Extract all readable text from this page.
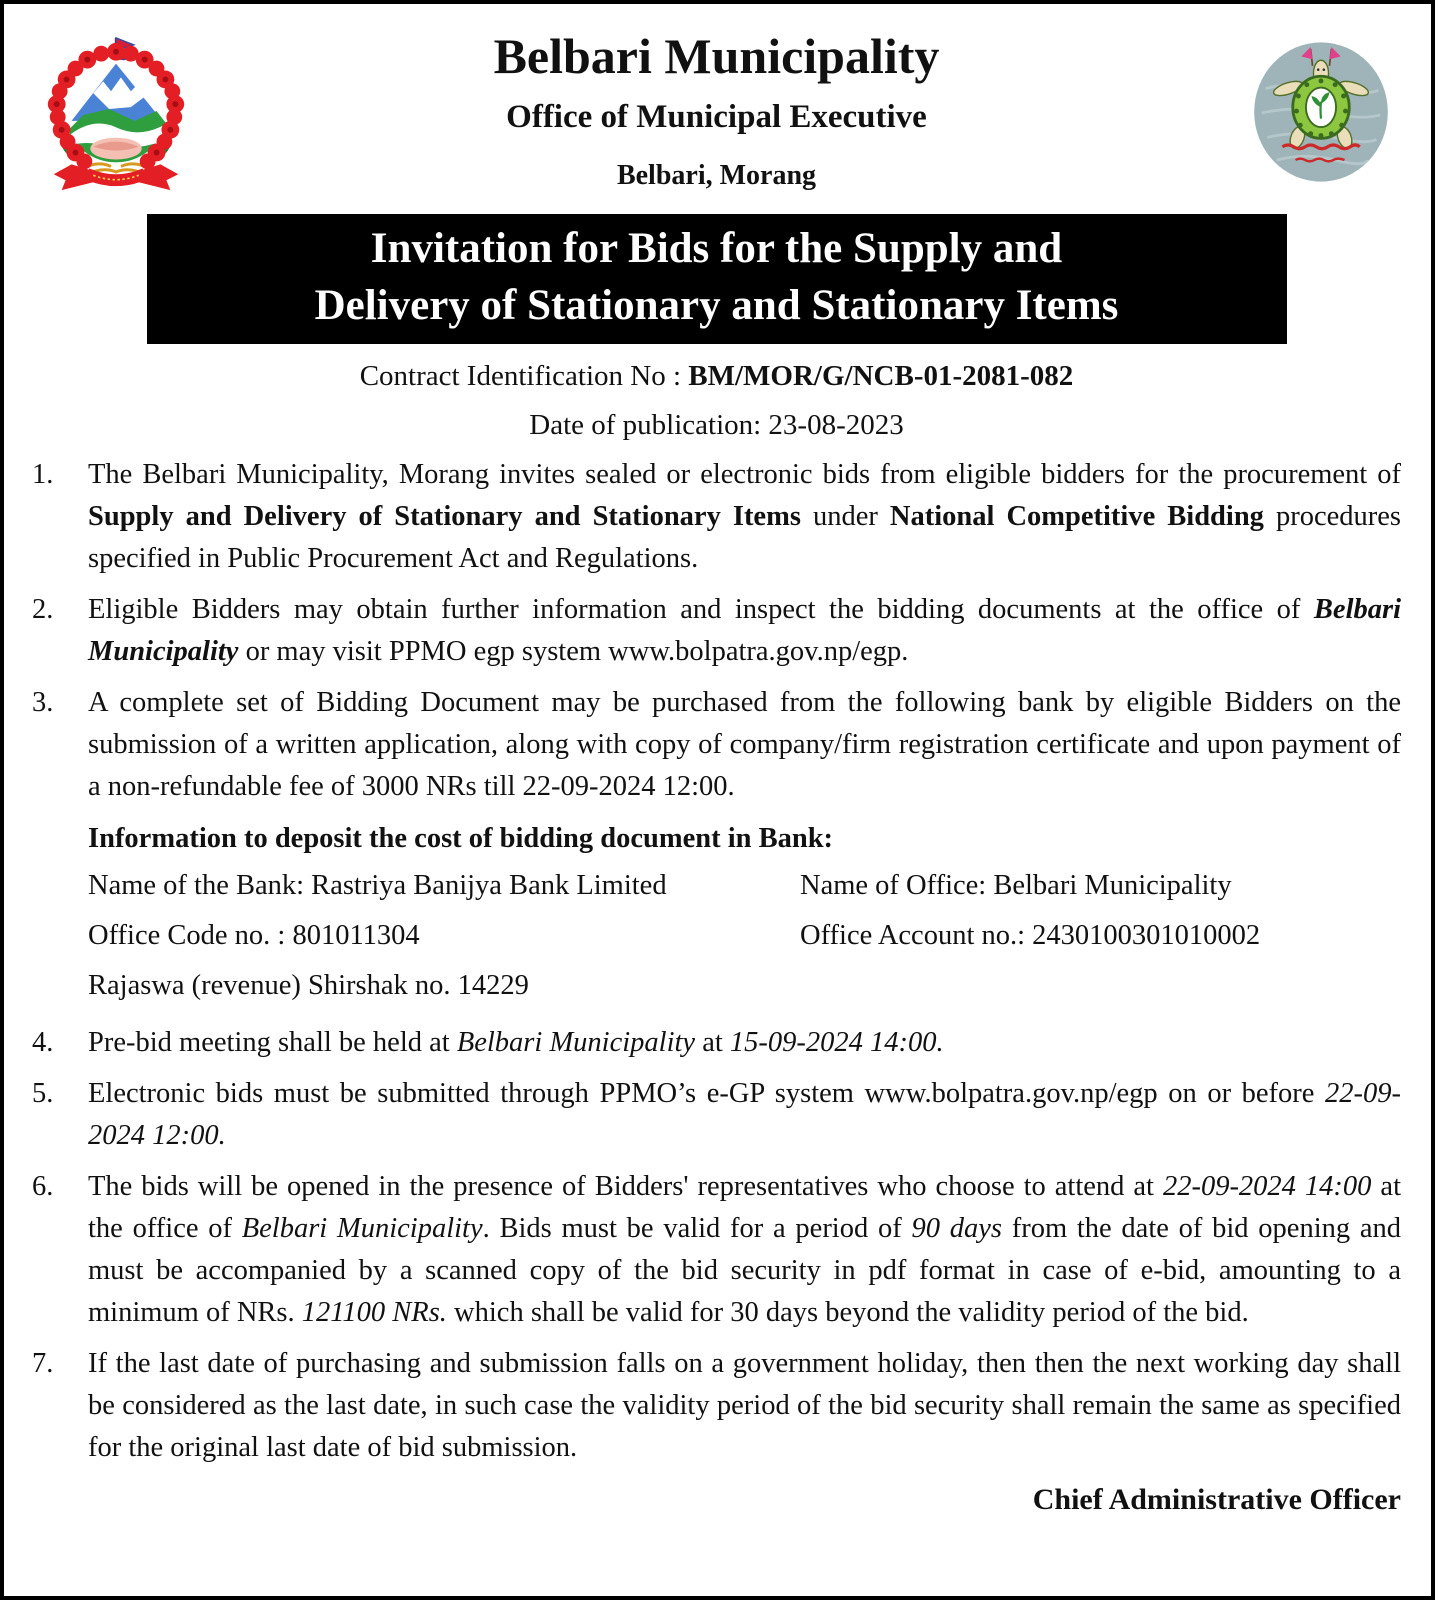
Belbari Municipality
Office of Municipal Executive
Belbari, Morang
Invitation for Bids for the Supply and
Delivery of Stationary and Stationary Items
Contract Identification No : BM/MOR/G/NCB-01-2081-082
Date of publication: 23-08-2023
1.	The Belbari Municipality, Morang invites sealed or electronic bids from eligible bidders for the procurement of Supply and Delivery of Stationary and Stationary Items under National Competitive Bidding procedures specified in Public Procurement Act and Regulations.
2.	Eligible Bidders may obtain further information and inspect the bidding documents at the office of Belbari Municipality or may visit PPMO egp system www.bolpatra.gov.np/egp.
3.	A complete set of Bidding Document may be purchased from the following bank by eligible Bidders on the submission of a written application, along with copy of company/firm registration certificate and upon payment of a non-refundable fee of 3000 NRs till 22-09-2024 12:00.
Information to deposit the cost of bidding document in Bank:
Name of the Bank: Rastriya Banijya Bank Limited	Name of Office: Belbari Municipality
Office Code no. : 801011304	Office Account no.: 2430100301010002
Rajaswa (revenue) Shirshak no. 14229
4.	Pre-bid meeting shall be held at Belbari Municipality at 15-09-2024 14:00.
5.	Electronic bids must be submitted through PPMO’s e-GP system www.bolpatra.gov.np/egp on or before 22-09-2024 12:00.
6.	The bids will be opened in the presence of Bidders' representatives who choose to attend at 22-09-2024 14:00 at the office of Belbari Municipality. Bids must be valid for a period of 90 days from the date of bid opening and must be accompanied by a scanned copy of the bid security in pdf format in case of e-bid, amounting to a minimum of NRs. 121100 NRs. which shall be valid for 30 days beyond the validity period of the bid.
7.	If the last date of purchasing and submission falls on a government holiday, then then the next working day shall be considered as the last date, in such case the validity period of the bid security shall remain the same as specified for the original last date of bid submission.
Chief Administrative Officer
